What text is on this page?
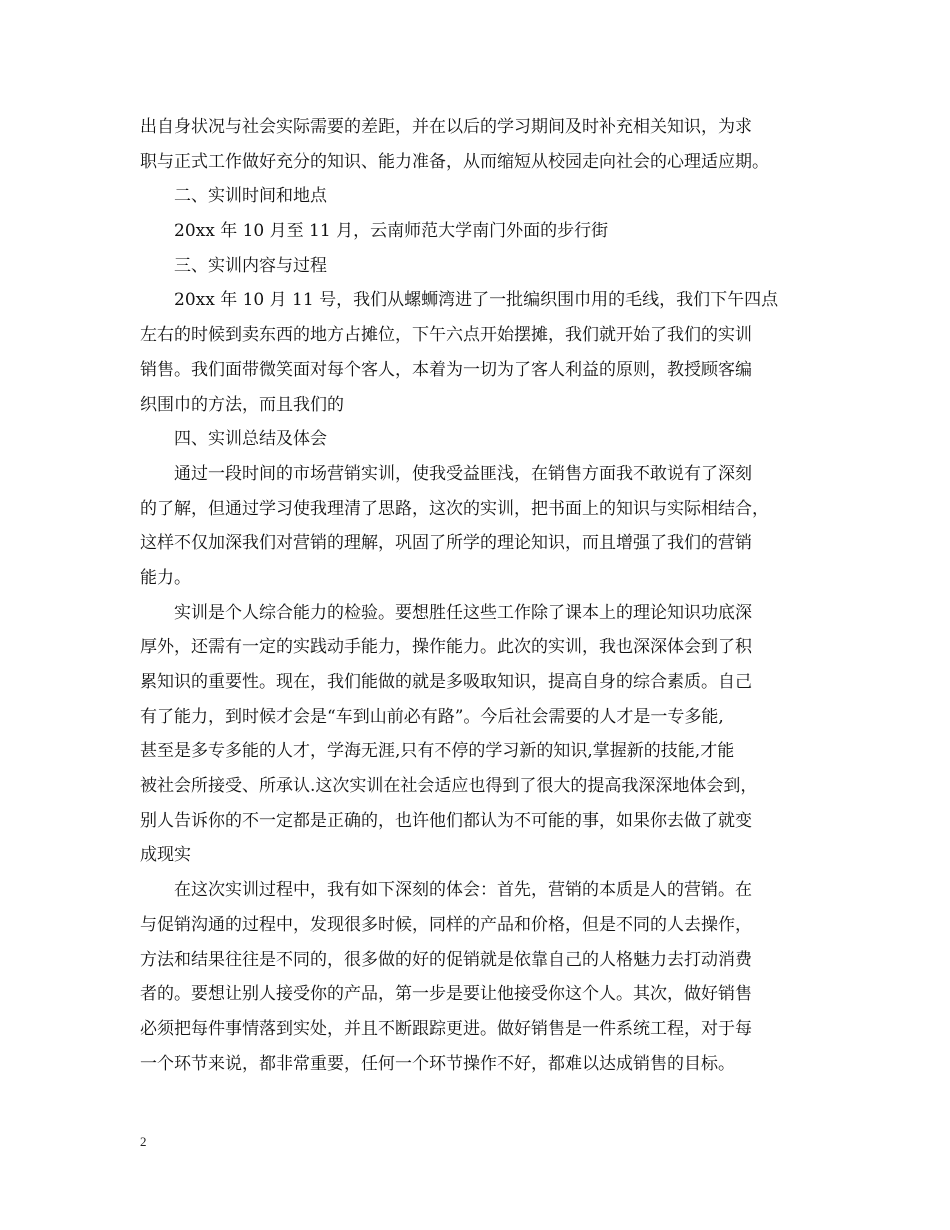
出自身状况与社会实际需要的差距，并在以后的学习期间及时补充相关知识，为求
职与正式工作做好充分的知识、能力准备，从而缩短从校园走向社会的心理适应期。
二、实训时间和地点
20xx 年 10 月至 11 月，云南师范大学南门外面的步行街
三、实训内容与过程
20xx 年 10 月 11 号，我们从螺蛳湾进了一批编织围巾用的毛线，我们下午四点
左右的时候到卖东西的地方占摊位，下午六点开始摆摊，我们就开始了我们的实训
销售。我们面带微笑面对每个客人，本着为一切为了客人利益的原则，教授顾客编
织围巾的方法，而且我们的
四、实训总结及体会
通过一段时间的市场营销实训，使我受益匪浅，在销售方面我不敢说有了深刻
的了解，但通过学习使我理清了思路，这次的实训，把书面上的知识与实际相结合，
这样不仅加深我们对营销的理解，巩固了所学的理论知识，而且增强了我们的营销
能力。
实训是个人综合能力的检验。要想胜任这些工作除了课本上的理论知识功底深
厚外，还需有一定的实践动手能力，操作能力。此次的实训，我也深深体会到了积
累知识的重要性。现在，我们能做的就是多吸取知识，提高自身的综合素质。自己
有了能力，到时候才会是“车到山前必有路”。今后社会需要的人才是一专多能,
甚至是多专多能的人才，学海无涯,只有不停的学习新的知识,掌握新的技能,才能
被社会所接受、所承认.这次实训在社会适应也得到了很大的提高我深深地体会到，
别人告诉你的不一定都是正确的，也许他们都认为不可能的事，如果你去做了就变
成现实
在这次实训过程中，我有如下深刻的体会：首先，营销的本质是人的营销。在
与促销沟通的过程中，发现很多时候，同样的产品和价格，但是不同的人去操作，
方法和结果往往是不同的，很多做的好的促销就是依靠自己的人格魅力去打动消费
者的。要想让别人接受你的产品，第一步是要让他接受你这个人。其次，做好销售
必须把每件事情落到实处，并且不断跟踪更进。做好销售是一件系统工程，对于每
一个环节来说，都非常重要，任何一个环节操作不好，都难以达成销售的目标。
2
